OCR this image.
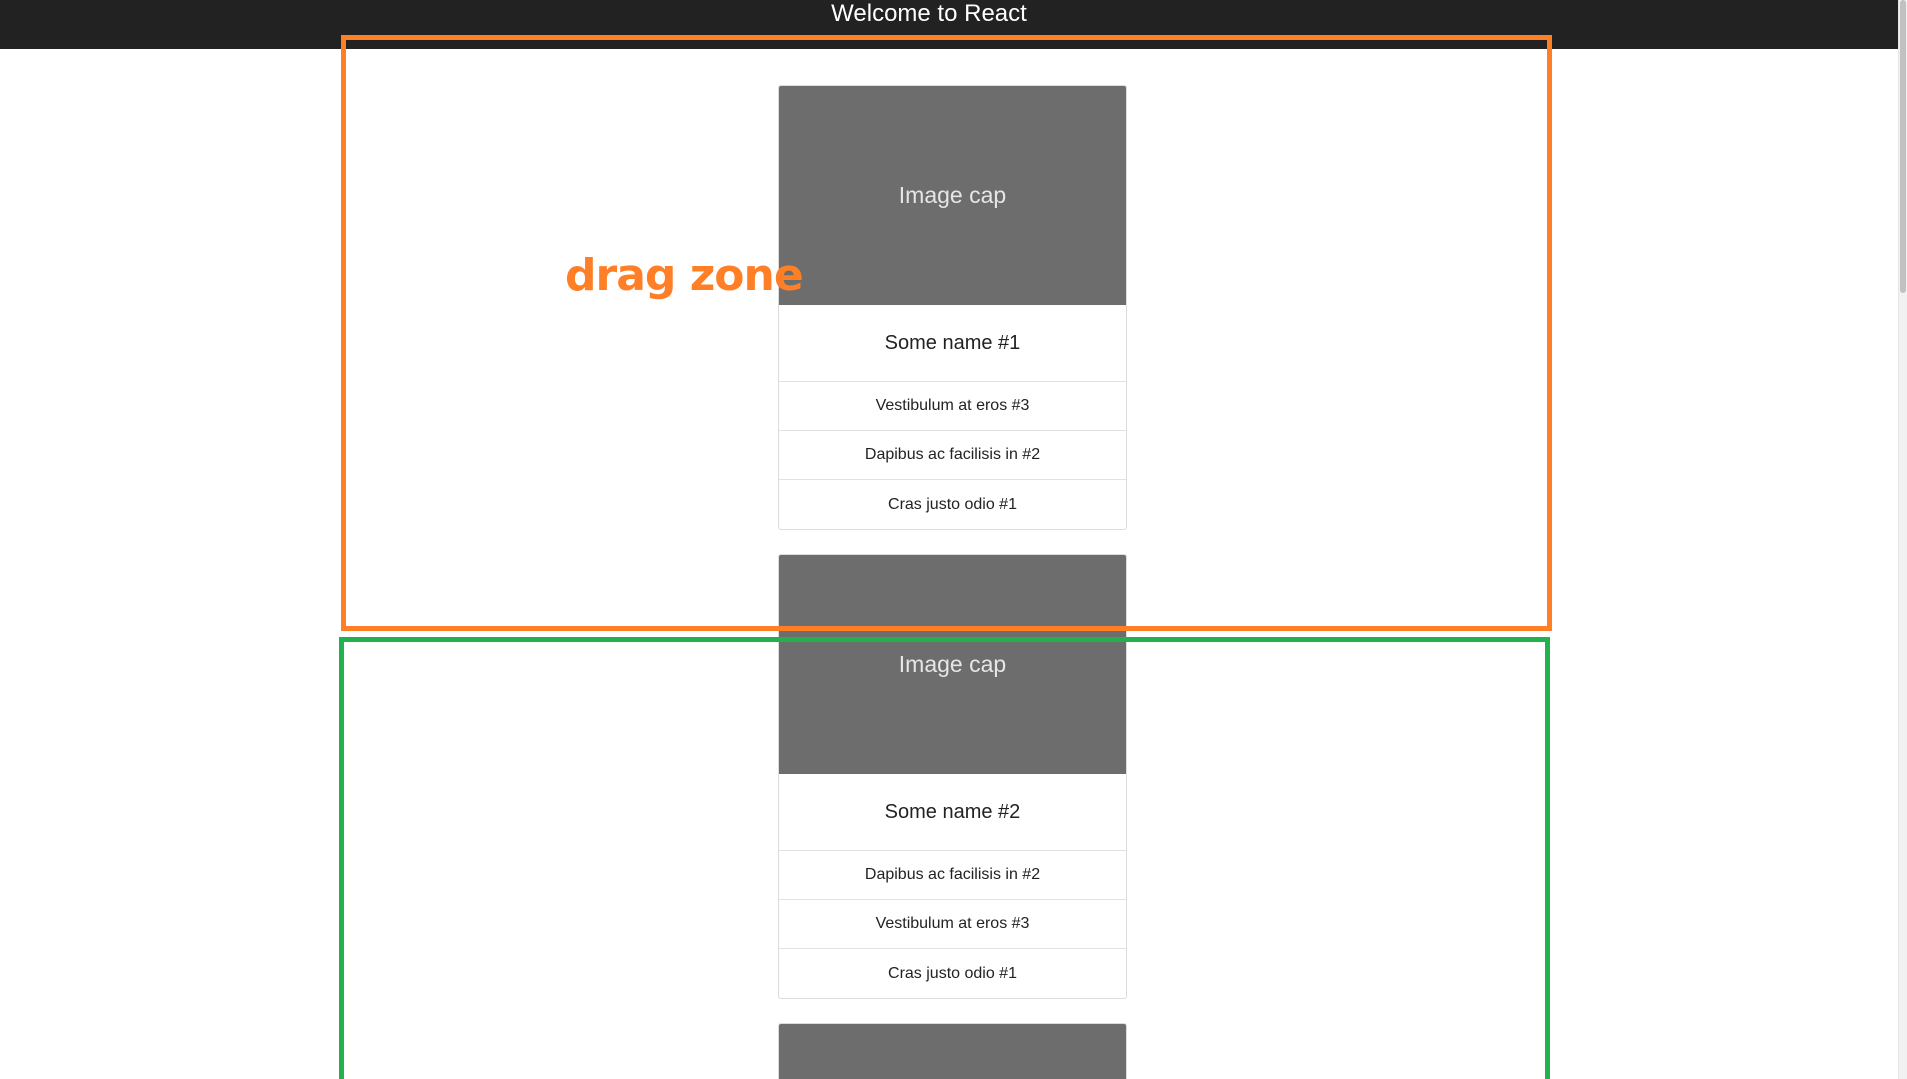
Welcome to React
Image cap
Some name #1
Vestibulum at eros #3
Dapibus ac facilisis in #2
Cras justo odio #1
Image cap
Some name #2
Dapibus ac facilisis in #2
Vestibulum at eros #3
Cras justo odio #1
drag zone
